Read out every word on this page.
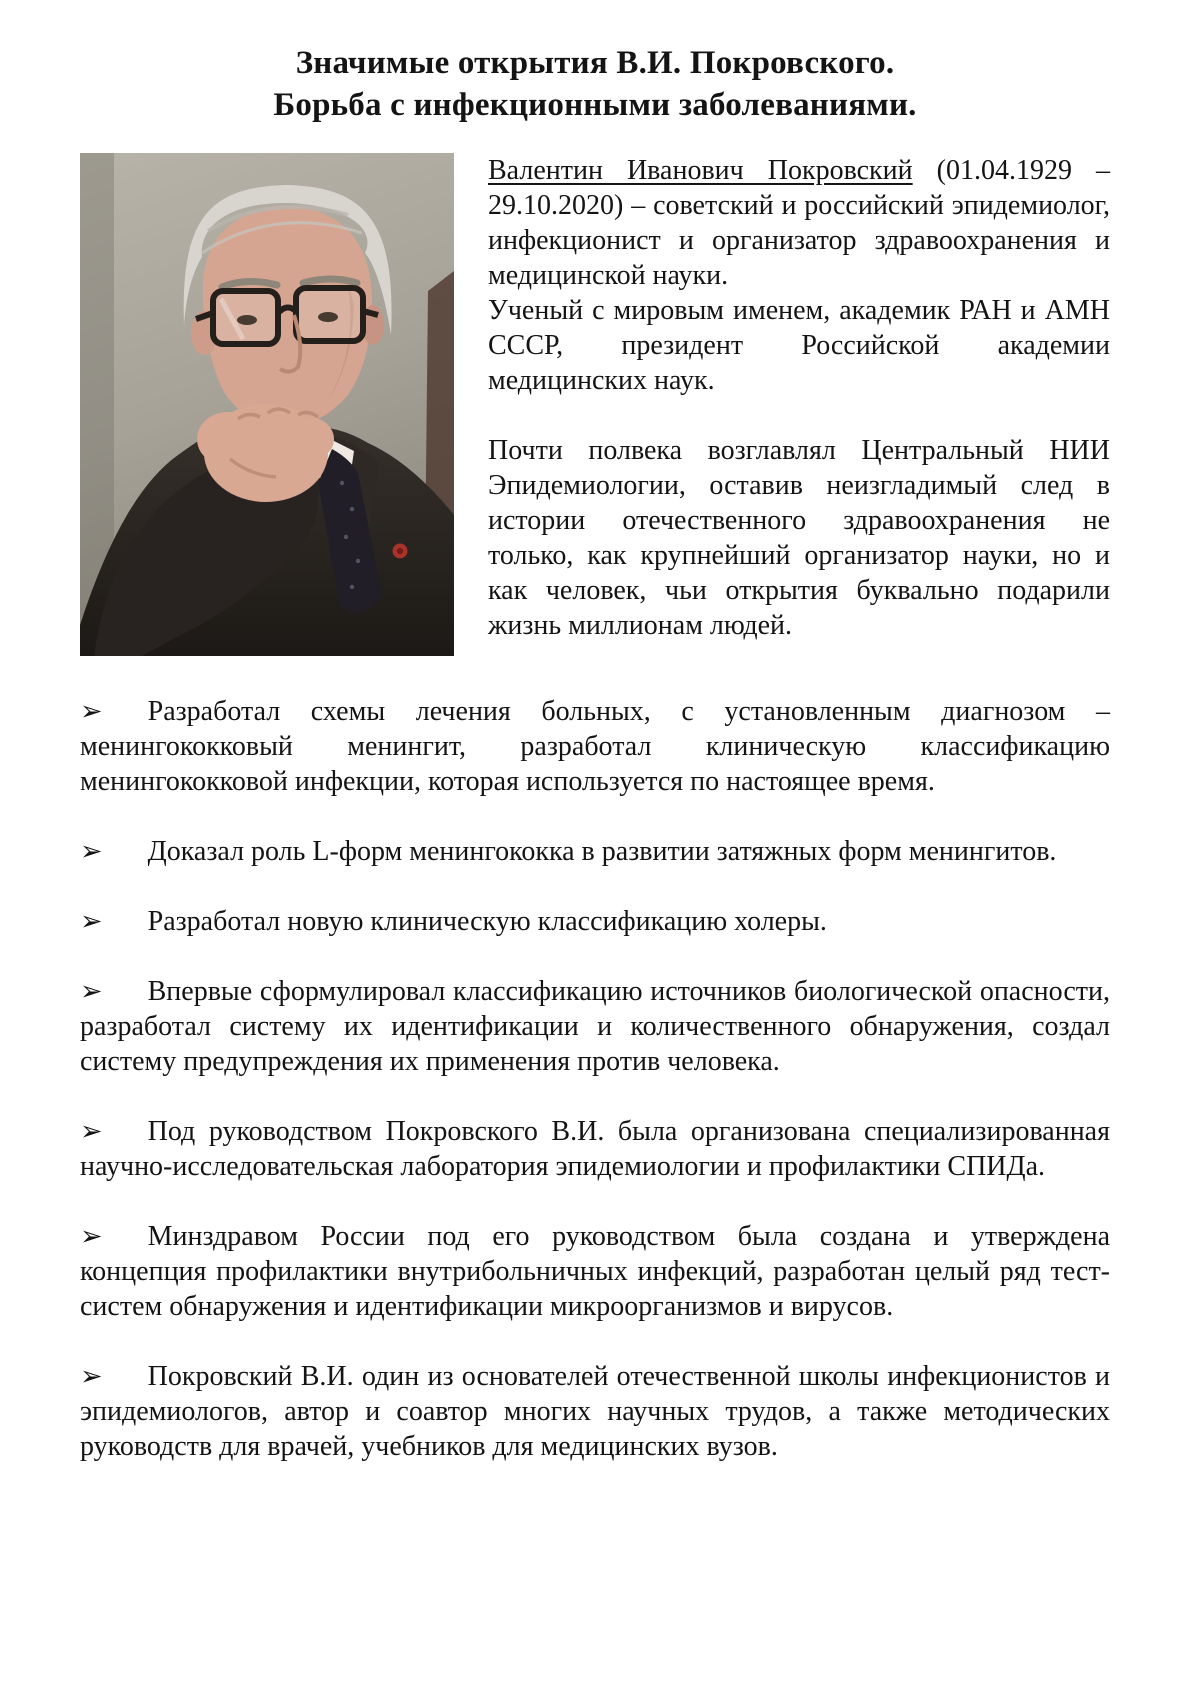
Значимые открытия В.И. Покровского.
Борьба с инфекционными заболеваниями.

Валентин Иванович Покровский (01.04.1929 – 29.10.2020) – советский и российский эпидемиолог, инфекционист и организатор здравоохранения и медицинской науки.

Ученый с мировым именем, академик РАН и АМН СССР, президент Российской академии медицинских наук.

Почти полвека возглавлял Центральный НИИ Эпидемиологии, оставив неизгладимый след в истории отечественного здравоохранения не только, как крупнейший организатор науки, но и как человек, чьи открытия буквально подарили жизнь миллионам людей.

➢ Разработал схемы лечения больных, с установленным диагнозом – менингококковый менингит, разработал клиническую классификацию менингококковой инфекции, которая используется по настоящее время.

➢ Доказал роль L-форм менингококка в развитии затяжных форм менингитов.

➢ Разработал новую клиническую классификацию холеры.

➢ Впервые сформулировал классификацию источников биологической опасности, разработал систему их идентификации и количественного обнаружения, создал систему предупреждения их применения против человека.

➢ Под руководством Покровского В.И. была организована специализированная научно-исследовательская лаборатория эпидемиологии и профилактики СПИДа.

➢ Минздравом России под его руководством была создана и утверждена концепция профилактики внутрибольничных инфекций, разработан целый ряд тест-систем обнаружения и идентификации микроорганизмов и вирусов.

➢ Покровский В.И. один из основателей отечественной школы инфекционистов и эпидемиологов, автор и соавтор многих научных трудов, а также методических руководств для врачей, учебников для медицинских вузов.
